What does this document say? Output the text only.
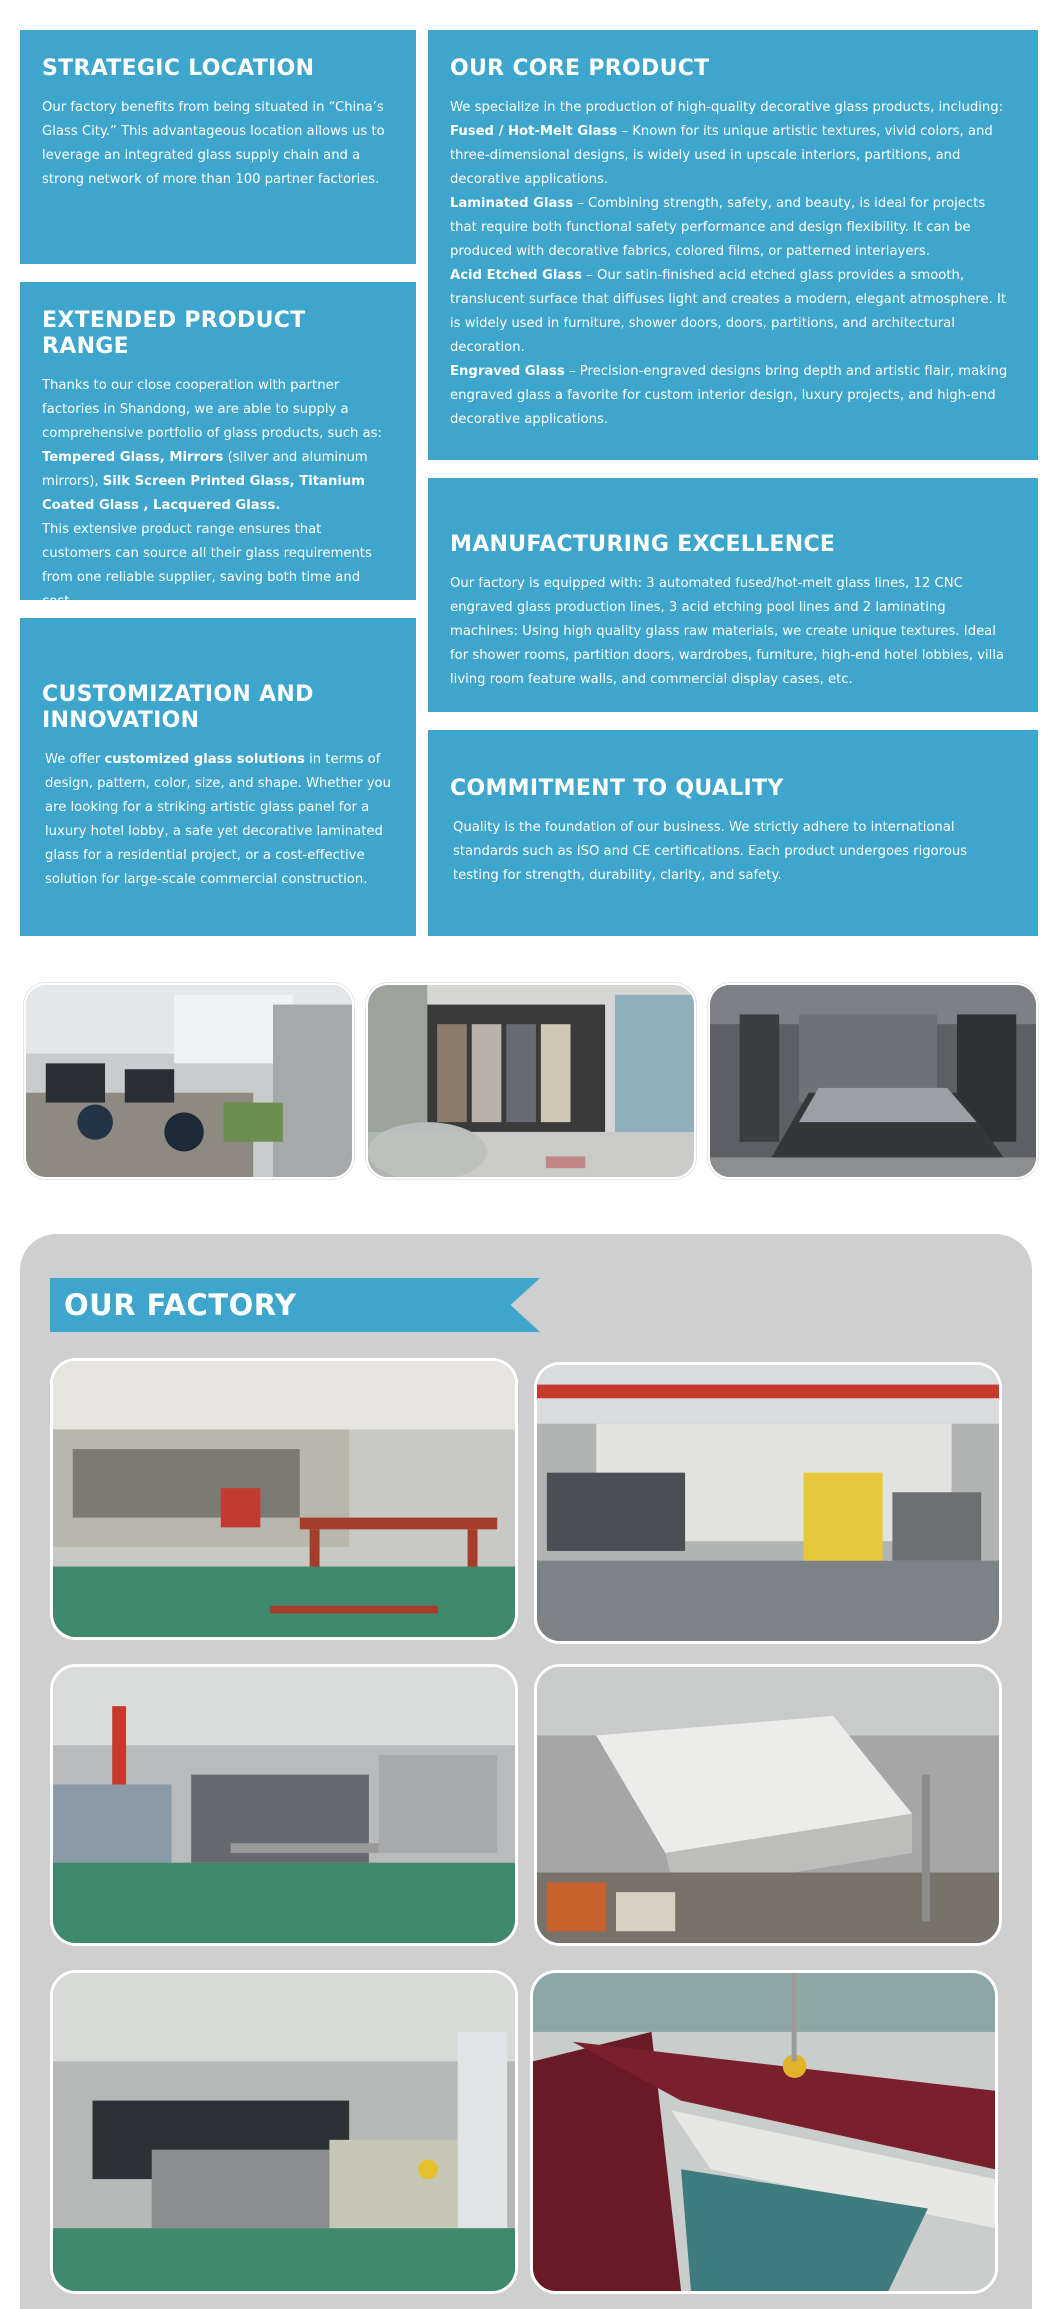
STRATEGIC LOCATION

Our factory benefits from being situated in “China’s Glass City.” This advantageous location allows us to leverage an integrated glass supply chain and a strong network of more than 100 partner factories.

OUR CORE PRODUCT

We specialize in the production of high-quality decorative glass products, including:
Fused / Hot-Melt Glass – Known for its unique artistic textures, vivid colors, and three-dimensional designs, is widely used in upscale interiors, partitions, and decorative applications.
Laminated Glass – Combining strength, safety, and beauty, is ideal for projects that require both functional safety performance and design flexibility. It can be produced with decorative fabrics, colored films, or patterned interlayers.
Acid Etched Glass – Our satin-finished acid etched glass provides a smooth, translucent surface that diffuses light and creates a modern, elegant atmosphere. It is widely used in furniture, shower doors, doors, partitions, and architectural decoration.
Engraved Glass – Precision-engraved designs bring depth and artistic flair, making engraved glass a favorite for custom interior design, luxury projects, and high-end decorative applications.

EXTENDED PRODUCT RANGE

Thanks to our close cooperation with partner factories in Shandong, we are able to supply a comprehensive portfolio of glass products, such as:
Tempered Glass, Mirrors (silver and aluminum mirrors), Silk Screen Printed Glass, Titanium Coated Glass , Lacquered Glass.
This extensive product range ensures that customers can source all their glass requirements from one reliable supplier, saving both time and cost.

MANUFACTURING EXCELLENCE

Our factory is equipped with: 3 automated fused/hot-melt glass lines, 12 CNC engraved glass production lines, 3 acid etching pool lines and 2 laminating machines: Using high quality glass raw materials, we create unique textures. Ideal for shower rooms, partition doors, wardrobes, furniture, high-end hotel lobbies, villa living room feature walls, and commercial display cases, etc.

CUSTOMIZATION AND INNOVATION

We offer customized glass solutions in terms of design, pattern, color, size, and shape. Whether you are looking for a striking artistic glass panel for a luxury hotel lobby, a safe yet decorative laminated glass for a residential project, or a cost-effective solution for large-scale commercial construction.

COMMITMENT TO QUALITY

Quality is the foundation of our business. We strictly adhere to international standards such as ISO and CE certifications. Each product undergoes rigorous testing for strength, durability, clarity, and safety.

OUR FACTORY
